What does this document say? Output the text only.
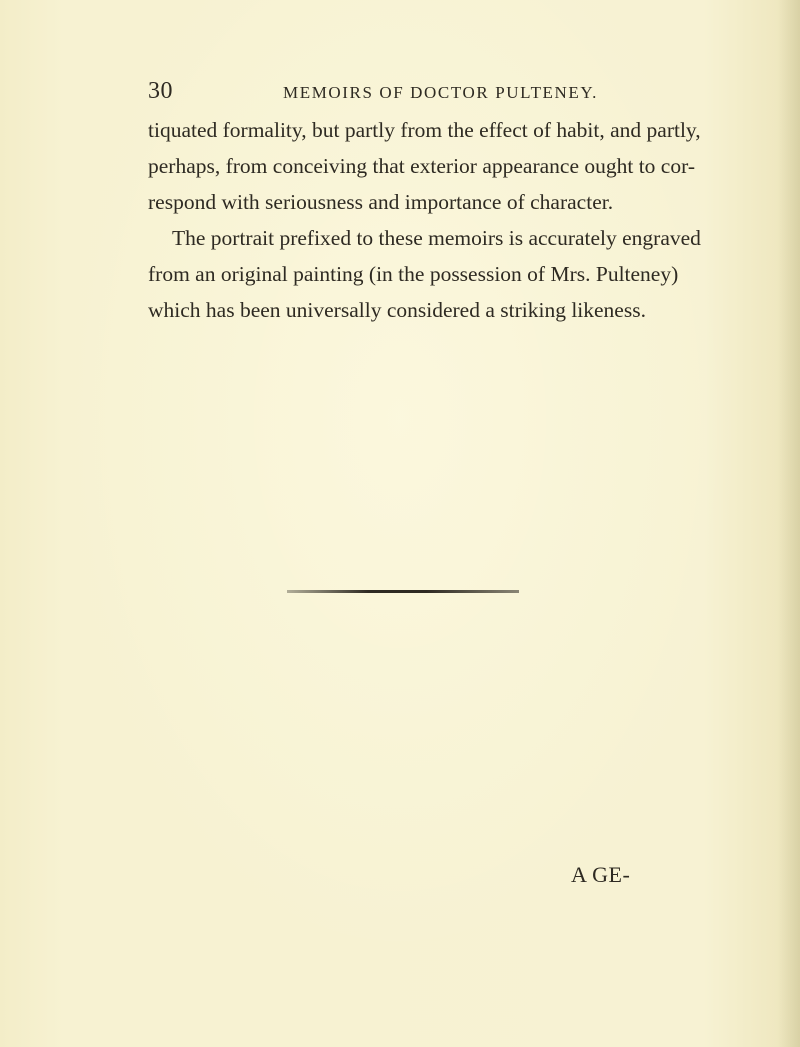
30	MEMOIRS OF DOCTOR PULTENEY.
tiquated formality, but partly from the effect of habit, and partly,
perhaps, from conceiving that exterior appearance ought to cor-
respond with seriousness and importance of character.
The portrait prefixed to these memoirs is accurately engraved
from an original painting (in the possession of Mrs. Pulteney)
which has been universally considered a striking likeness.
A GE-
